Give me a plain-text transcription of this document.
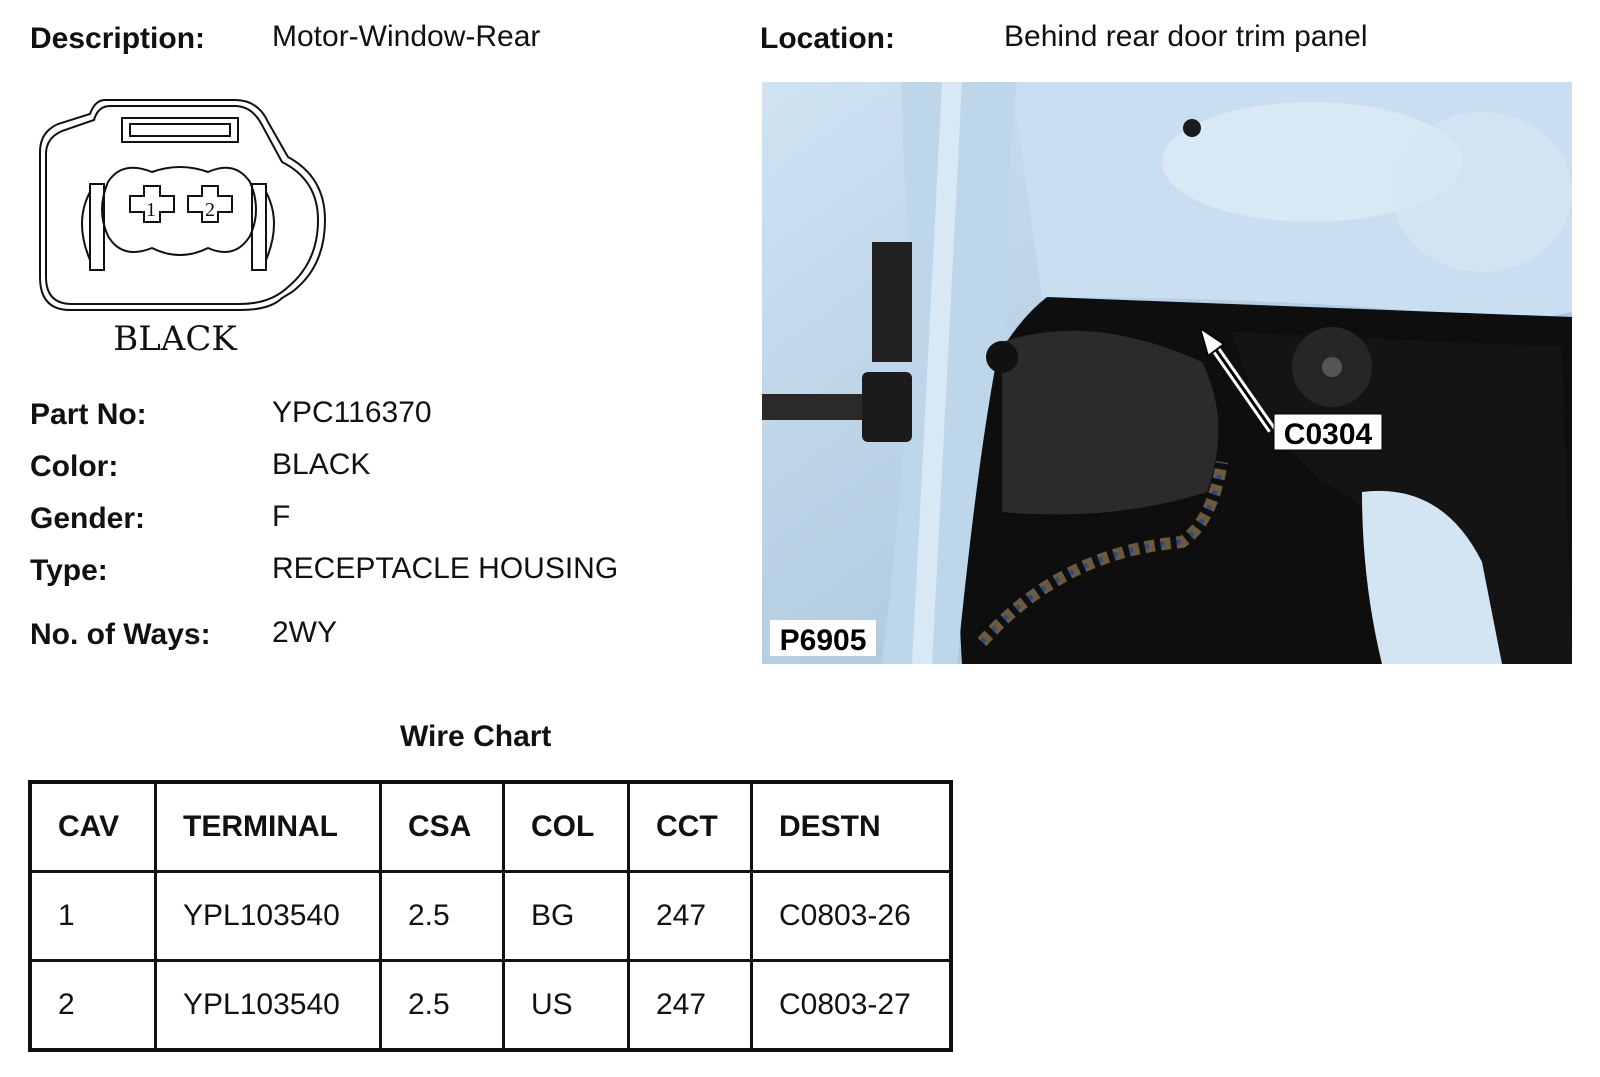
Description: Motor-Window-Rear	Location:	Behind rear door trim panel
1 2
BLACK
Part No:	YPC116370
Color:	BLACK
Gender:	F
Type:	RECEPTACLE HOUSING
No. of Ways: 2WY
C0304
P6905
Wire Chart
CAV	TERMINAL	CSA	COL	CCT	DESTN
1	YPL103540	2.5	BG	247	C0803-26
2	YPL103540	2.5	US	247	C0803-27
